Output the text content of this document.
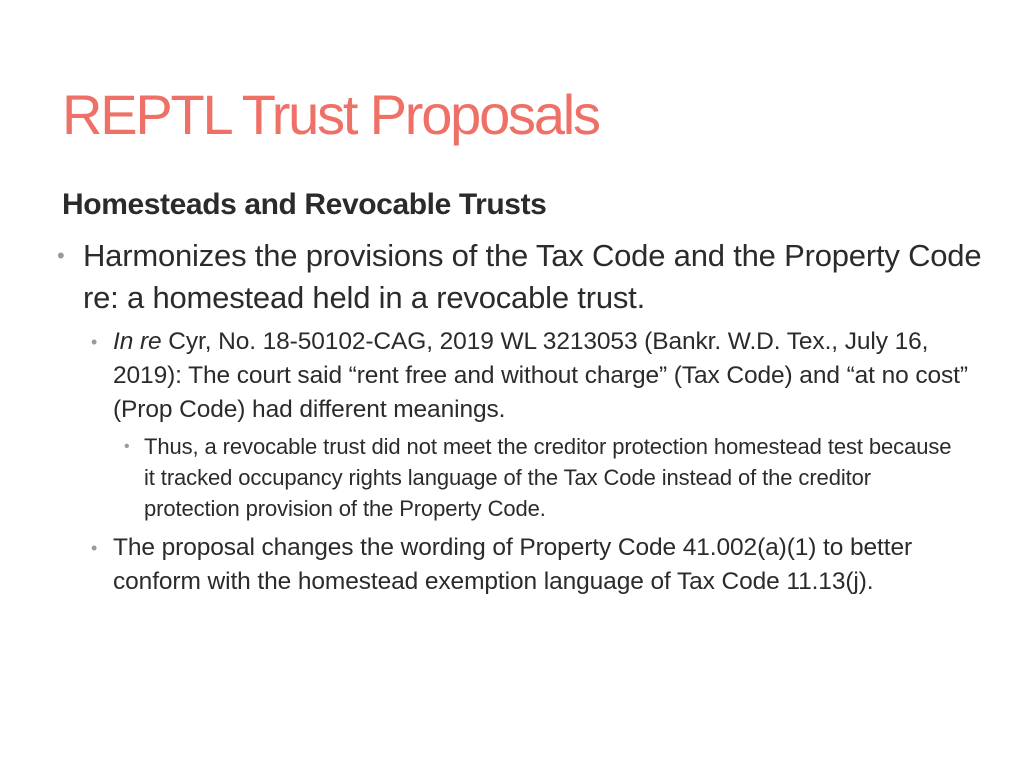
REPTL Trust Proposals
Homesteads and Revocable Trusts
• Harmonizes the provisions of the Tax Code and the Property Code re: a homestead held in a revocable trust.
• In re Cyr, No. 18-50102-CAG, 2019 WL 3213053 (Bankr. W.D. Tex., July 16, 2019): The court said “rent free and without charge” (Tax Code) and “at no cost” (Prop Code) had different meanings.
• Thus, a revocable trust did not meet the creditor protection homestead test because it tracked occupancy rights language of the Tax Code instead of the creditor protection provision of the Property Code.
• The proposal changes the wording of Property Code 41.002(a)(1) to better conform with the homestead exemption language of Tax Code 11.13(j).
